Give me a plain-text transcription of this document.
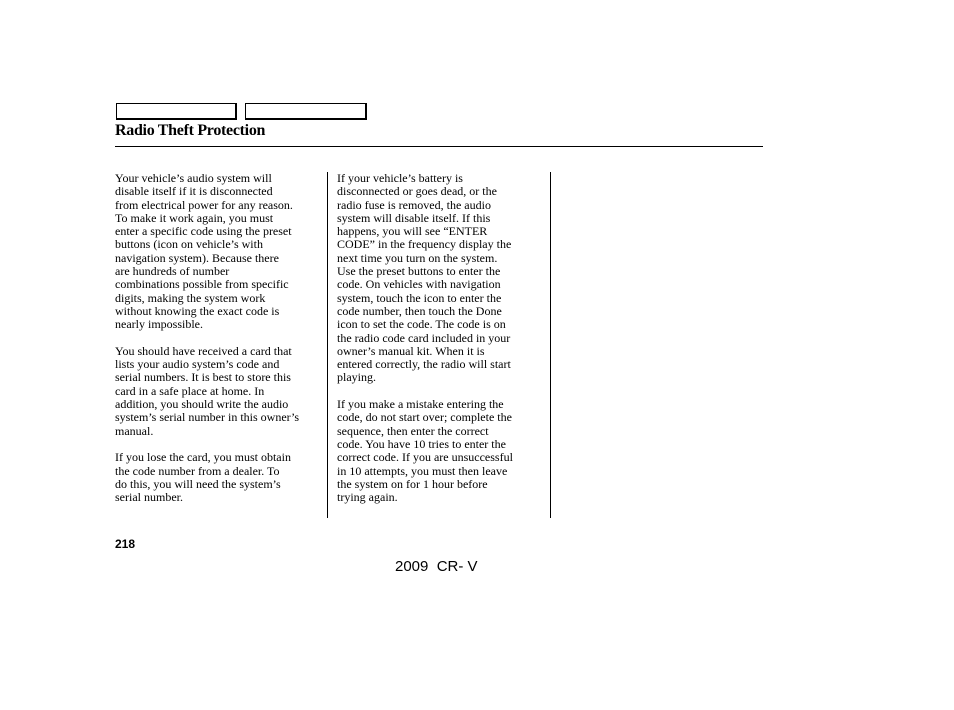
Radio Theft Protection

Your vehicle’s audio system will
disable itself if it is disconnected
from electrical power for any reason.
To make it work again, you must
enter a specific code using the preset
buttons (icon on vehicle’s with
navigation system). Because there
are hundreds of number
combinations possible from specific
digits, making the system work
without knowing the exact code is
nearly impossible.

You should have received a card that
lists your audio system’s code and
serial numbers. It is best to store this
card in a safe place at home. In
addition, you should write the audio
system’s serial number in this owner’s
manual.

If you lose the card, you must obtain
the code number from a dealer. To
do this, you will need the system’s
serial number.

If your vehicle’s battery is
disconnected or goes dead, or the
radio fuse is removed, the audio
system will disable itself. If this
happens, you will see “ENTER
CODE” in the frequency display the
next time you turn on the system.
Use the preset buttons to enter the
code. On vehicles with navigation
system, touch the icon to enter the
code number, then touch the Done
icon to set the code. The code is on
the radio code card included in your
owner’s manual kit. When it is
entered correctly, the radio will start
playing.

If you make a mistake entering the
code, do not start over; complete the
sequence, then enter the correct
code. You have 10 tries to enter the
correct code. If you are unsuccessful
in 10 attempts, you must then leave
the system on for 1 hour before
trying again.

218
2009  CR- V
